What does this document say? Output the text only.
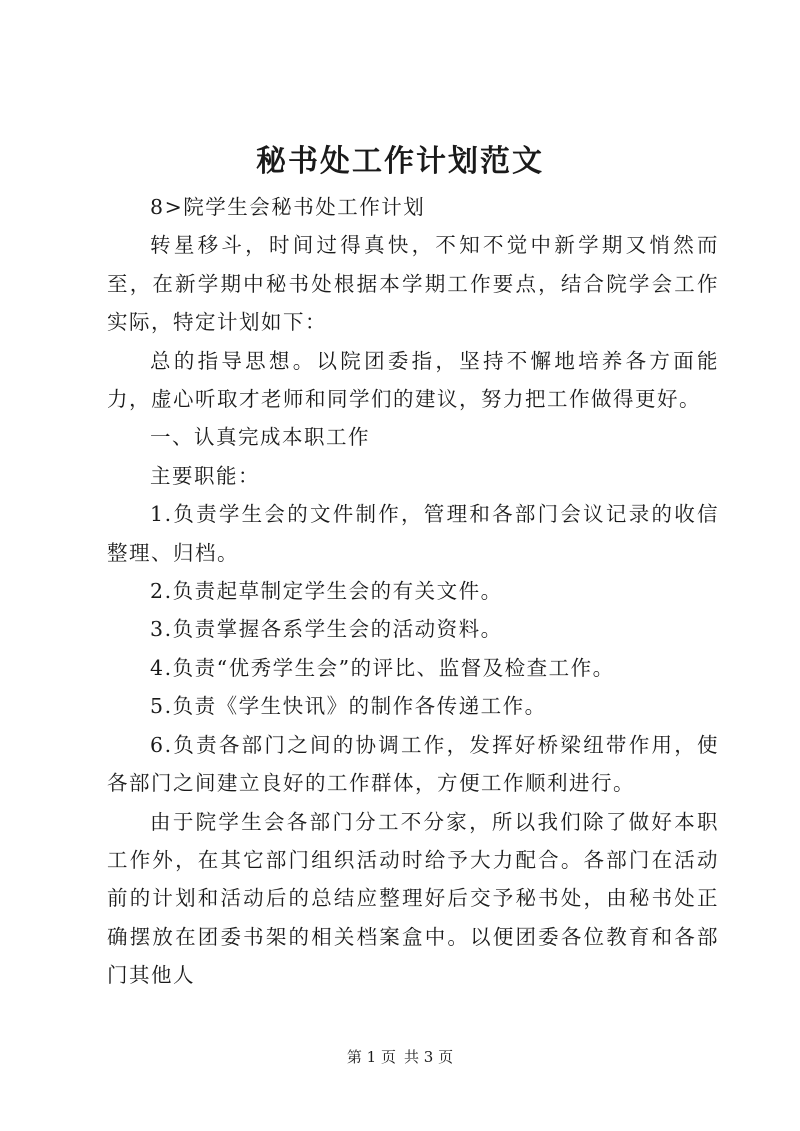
秘书处工作计划范文

8>院学生会秘书处工作计划

转星移斗，时间过得真快，不知不觉中新学期又悄然而至，在新学期中秘书处根据本学期工作要点，结合院学会工作实际，特定计划如下：

总的指导思想。以院团委指，坚持不懈地培养各方面能力，虚心听取才老师和同学们的建议，努力把工作做得更好。

一、认真完成本职工作

主要职能：

1.负责学生会的文件制作，管理和各部门会议记录的收信整理、归档。

2.负责起草制定学生会的有关文件。

3.负责掌握各系学生会的活动资料。

4.负责“优秀学生会”的评比、监督及检查工作。

5.负责《学生快讯》的制作各传递工作。

6.负责各部门之间的协调工作，发挥好桥梁纽带作用，使各部门之间建立良好的工作群体，方便工作顺利进行。

由于院学生会各部门分工不分家，所以我们除了做好本职工作外，在其它部门组织活动时给予大力配合。各部门在活动前的计划和活动后的总结应整理好后交予秘书处，由秘书处正确摆放在团委书架的相关档案盒中。以便团委各位教育和各部门其他人

第 1 页 共 3 页
